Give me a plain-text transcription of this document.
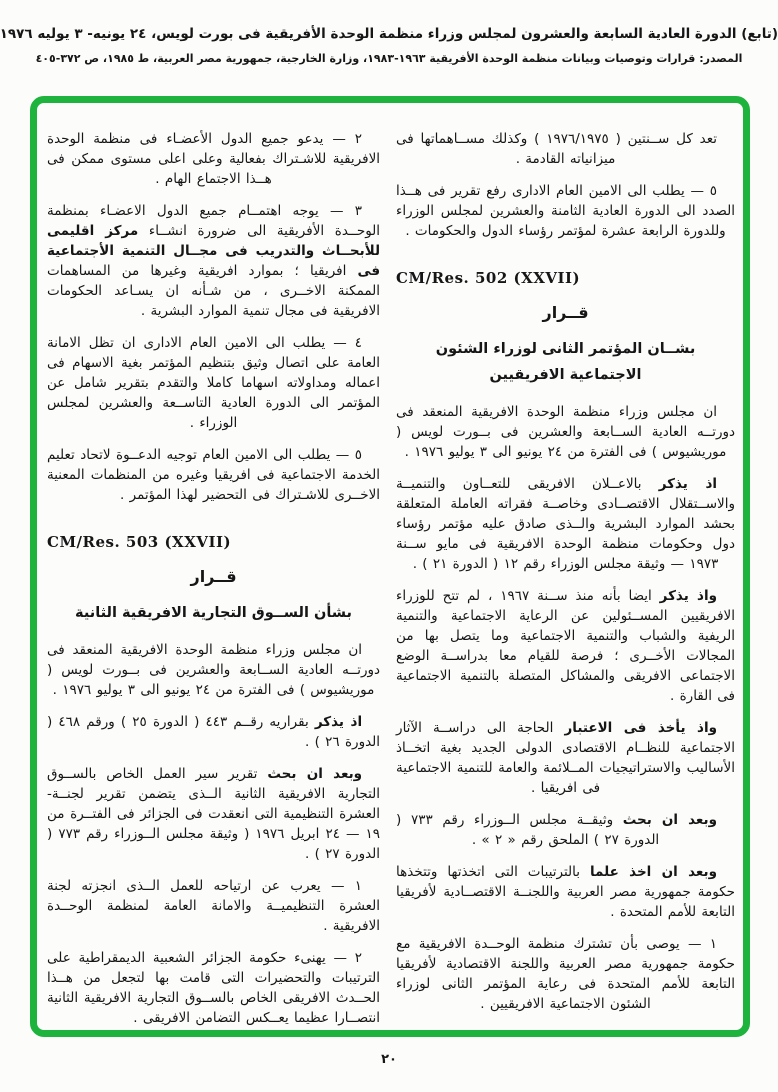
(تابع) الدورة العادية السابعة والعشرون لمجلس وزراء منظمة الوحدة الأفريقية فى بورت لويس، ٢٤ يونيه- ٣ يوليه ١٩٧٦
المصدر: قرارات وتوصيات وبيانات منظمة الوحدة الأفريقية ١٩٦٣-١٩٨٣، وزارة الخارجية، جمهورية مصر العربية، ط ١٩٨٥، ص ٣٧٢-٤٠٥

تعد كل ســنتين ( ١٩٧٦/١٩٧٥ ) وكذلك مســاهماتها فى ميزانياته القادمة .

٥ — يطلب الى الامين العام الادارى رفع تقرير فى هــذا الصدد الى الدورة العادية الثامنة والعشرين لمجلس الوزراء وللدورة الرابعة عشرة لمؤتمر رؤساء الدول والحكومات .

CM/Res. 502 (XXVII)
قــرار
بشــان المؤتمر الثانى لوزراء الشئون الاجتماعية الافريقيين

ان مجلس وزراء منظمة الوحدة الافريقية المنعقد فى دورتــه العادية الســابعة والعشرين فى بــورت لويس ( موريشيوس ) فى الفترة من ٢٤ يونيو الى ٣ يوليو ١٩٧٦ .

اذ يذكر بالاعــلان الافريقى للتعــاون والتنميــة والاســتقلال الاقتصــادى وخاصــة فقراته العاملة المتعلقة بحشد الموارد البشرية والــذى صادق عليه مؤتمر رؤساء دول وحكومات منظمة الوحدة الافريقية فى مايو ســنة ١٩٧٣ — وثيقة مجلس الوزراء رقم ١٢ ( الدورة ٢١ ) .

واذ يذكر ايضا بأنه منذ ســنة ١٩٦٧ ، لم تتح للوزراء الافريقيين المســئولين عن الرعاية الاجتماعية والتنمية الريفية والشباب والتنمية الاجتماعية وما يتصل بها من المجالات الأخــرى ؛ فرصة للقيام معا بدراســة الوضع الاجتماعى الافريقى والمشاكل المتصلة بالتنمية الاجتماعية فى القارة .

واذ يأخذ فى الاعتبار الحاجة الى دراســة الآثار الاجتماعية للنظــام الاقتصادى الدولى الجديد بغية اتخــاذ الأساليب والاستراتيجيات المــلائمة والعامة للتنمية الاجتماعية فى افريقيا .

وبعد ان بحث وثيقــة مجلس الــوزراء رقم ٧٣٣ ( الدورة ٢٧ ) الملحق رقم « ٢ » .

وبعد ان اخذ علما بالترتيبات التى اتخذتها وتتخذها حكومة جمهورية مصر العربية واللجنــة الاقتصــادية لأفريقيا التابعة للأمم المتحدة .

١ — يوصى بأن تشترك منظمة الوحــدة الافريقية مع حكومة جمهورية مصر العربية واللجنة الاقتصادية لأفريقيا التابعة للأمم المتحدة فى رعاية المؤتمر الثانى لوزراء الشئون الاجتماعية الافريقيين .

٢ — يدعو جميع الدول الأعضـاء فى منظمة الوحدة الافريقية للاشـتراك بفعالية وعلى اعلى مستوى ممكن فى هــذا الاجتماع الهام .

٣ — يوجه اهتمــام جميع الدول الاعضـاء بمنظمة الوحــدة الأفريقية الى ضرورة انشــاء مركز اقليمى للأبحــاث والتدريب فى مجــال التنمية الأجتماعية فى افريقيا ؛ بموارد افريقية وغيرها من المساهمات الممكنة الاخــرى ، من شـأنه ان يسـاعد الحكومات الافريقية فى مجال تنمية الموارد البشرية .

٤ — يطلب الى الامين العام الادارى ان تظل الامانة العامة على اتصال وثيق بتنظيم المؤتمر بغية الاسهام فى اعماله ومداولاته اسهاما كاملا والتقدم بتقرير شامل عن المؤتمر الى الدورة العادية التاســعة والعشرين لمجلس الوزراء .

٥ — يطلب الى الامين العام توجيه الدعــوة لاتحاد تعليم الخدمة الاجتماعية فى افريقيا وغيره من المنظمات المعنية الاخــرى للاشـتراك فى التحضير لهذا المؤتمر .

CM/Res. 503 (XXVII)
قــرار
بشأن الســوق التجارية الافريقية الثانية

ان مجلس وزراء منظمة الوحدة الافريقية المنعقد فى دورتــه العادية الســابعة والعشرين فى بــورت لويس ( موريشيوس ) فى الفترة من ٢٤ يونيو الى ٣ يوليو ١٩٧٦ .

اذ يذكر بقراريه رقــم ٤٤٣ ( الدورة ٢٥ ) ورقم ٤٦٨ ( الدورة ٢٦ ) .

وبعد ان بحث تقرير سير العمل الخاص بالســوق التجارية الافريقية الثانية الــذى يتضمن تقرير لجنــة- العشرة التنظيمية التى انعقدت فى الجزائر فى الفتــرة من ١٩ — ٢٤ ابريل ١٩٧٦ ( وثيقة مجلس الــوزراء رقم ٧٧٣ ( الدورة ٢٧ ) .

١ — يعرب عن ارتياحه للعمل الــذى انجزته لجنة العشرة التنظيميــة والامانة العامة لمنظمة الوحــدة الافريقية .

٢ — يهنىء حكومة الجزائر الشعبية الديمقراطية على الترتيبات والتحضيرات التى قامت بها لتجعل من هــذا الحــدث الافريقى الخاص بالســوق التجارية الافريقية الثانية انتصــارا عظيما يعــكس التضامن الافريقى .

٢٠
